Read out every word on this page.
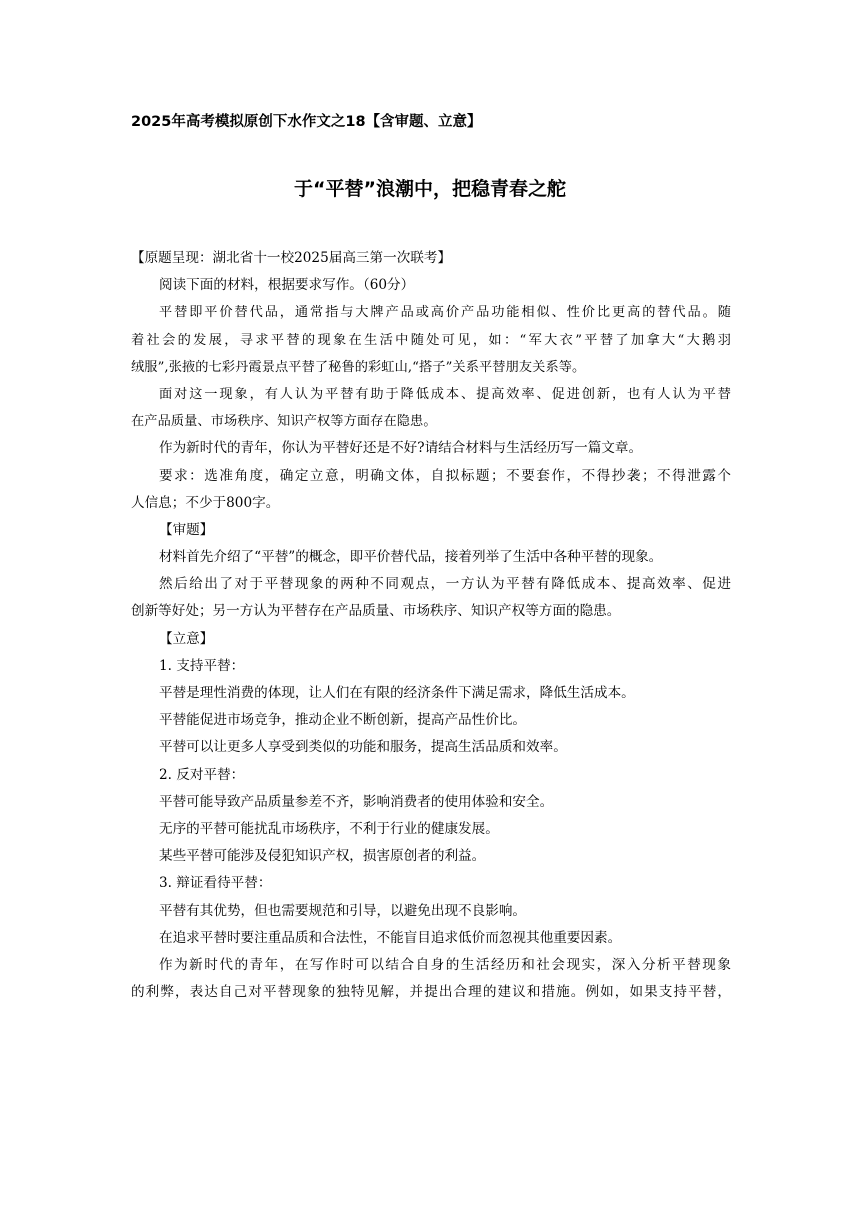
2025年高考模拟原创下水作文之18【含审题、立意】
于“平替”浪潮中，把稳青春之舵
【原题呈现：湖北省十一校2025届高三第一次联考】
阅读下面的材料，根据要求写作。（60分）
平替即平价替代品，通常指与大牌产品或高价产品功能相似、性价比更高的替代品。随
着社会的发展，寻求平替的现象在生活中随处可见，如：“军大衣”平替了加拿大“大鹅羽
绒服”,张掖的七彩丹霞景点平替了秘鲁的彩虹山,“搭子”关系平替朋友关系等。
面对这一现象，有人认为平替有助于降低成本、提高效率、促进创新，也有人认为平替
在产品质量、市场秩序、知识产权等方面存在隐患。
作为新时代的青年，你认为平替好还是不好?请结合材料与生活经历写一篇文章。
要求：选准角度，确定立意，明确文体，自拟标题；不要套作，不得抄袭；不得泄露个
人信息；不少于800字。
【审题】
材料首先介绍了“平替”的概念，即平价替代品，接着列举了生活中各种平替的现象。
然后给出了对于平替现象的两种不同观点，一方认为平替有降低成本、提高效率、促进
创新等好处；另一方认为平替存在产品质量、市场秩序、知识产权等方面的隐患。
【立意】
1. 支持平替：
平替是理性消费的体现，让人们在有限的经济条件下满足需求，降低生活成本。
平替能促进市场竞争，推动企业不断创新，提高产品性价比。
平替可以让更多人享受到类似的功能和服务，提高生活品质和效率。
2. 反对平替：
平替可能导致产品质量参差不齐，影响消费者的使用体验和安全。
无序的平替可能扰乱市场秩序，不利于行业的健康发展。
某些平替可能涉及侵犯知识产权，损害原创者的利益。
3. 辩证看待平替：
平替有其优势，但也需要规范和引导，以避免出现不良影响。
在追求平替时要注重品质和合法性，不能盲目追求低价而忽视其他重要因素。
作为新时代的青年，在写作时可以结合自身的生活经历和社会现实，深入分析平替现象
的利弊，表达自己对平替现象的独特见解，并提出合理的建议和措施。例如，如果支持平替，
